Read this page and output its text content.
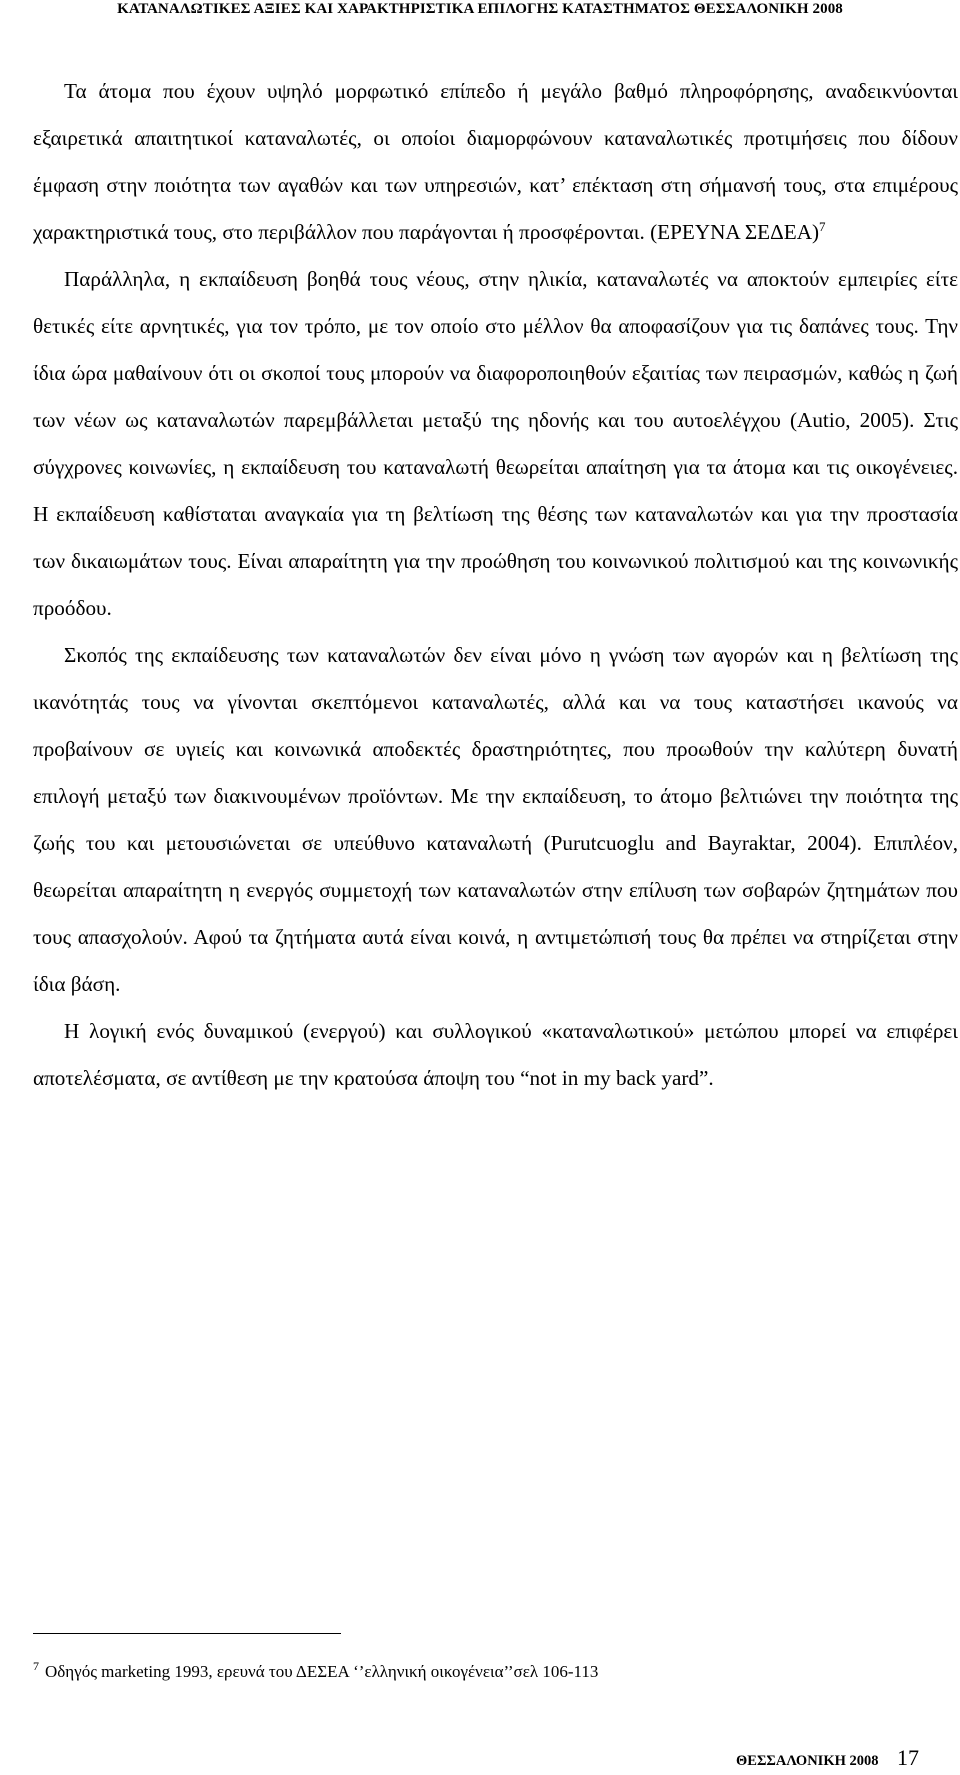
ΚΑΤΑΝΑΛΩΤΙΚΕΣ ΑΞΙΕΣ ΚΑΙ ΧΑΡΑΚΤΗΡΙΣΤΙΚΑ ΕΠΙΛΟΓΗΣ ΚΑΤΑΣΤΗΜΑΤΟΣ ΘΕΣΣΑΛΟΝΙΚΗ 2008

Τα άτομα που έχουν υψηλό μορφωτικό επίπεδο ή μεγάλο βαθμό πληροφόρησης, αναδεικνύονται εξαιρετικά απαιτητικοί καταναλωτές, οι οποίοι διαμορφώνουν καταναλωτικές προτιμήσεις που δίδουν έμφαση στην ποιότητα των αγαθών και των υπηρεσιών, κατ’ επέκταση στη σήμανσή τους, στα επιμέρους χαρακτηριστικά τους, στο περιβάλλον που παράγονται ή προσφέρονται. (ΕΡΕΥΝΑ ΣΕΔΕΑ)$^7$

Παράλληλα, η εκπαίδευση βοηθά τους νέους, στην ηλικία, καταναλωτές να αποκτούν εμπειρίες είτε θετικές είτε αρνητικές, για τον τρόπο, με τον οποίο στο μέλλον θα αποφασίζουν για τις δαπάνες τους. Την ίδια ώρα μαθαίνουν ότι οι σκοποί τους μπορούν να διαφοροποιηθούν εξαιτίας των πειρασμών, καθώς η ζωή των νέων ως καταναλωτών παρεμβάλλεται μεταξύ της ηδονής και του αυτοελέγχου (Autio, 2005). Στις σύγχρονες κοινωνίες, η εκπαίδευση του καταναλωτή θεωρείται απαίτηση για τα άτομα και τις οικογένειες. Η εκπαίδευση καθίσταται αναγκαία για τη βελτίωση της θέσης των καταναλωτών και για την προστασία των δικαιωμάτων τους. Είναι απαραίτητη για την προώθηση του κοινωνικού πολιτισμού και της κοινωνικής προόδου.

Σκοπός της εκπαίδευσης των καταναλωτών δεν είναι μόνο η γνώση των αγορών και η βελτίωση της ικανότητάς τους να γίνονται σκεπτόμενοι καταναλωτές, αλλά και να τους καταστήσει ικανούς να προβαίνουν σε υγιείς και κοινωνικά αποδεκτές δραστηριότητες, που προωθούν την καλύτερη δυνατή επιλογή μεταξύ των διακινουμένων προϊόντων. Με την εκπαίδευση, το άτομο βελτιώνει την ποιότητα της ζωής του και μετουσιώνεται σε υπεύθυνο καταναλωτή (Purutcuoglu and Bayraktar, 2004). Επιπλέον, θεωρείται απαραίτητη η ενεργός συμμετοχή των καταναλωτών στην επίλυση των σοβαρών ζητημάτων που τους απασχολούν. Αφού τα ζητήματα αυτά είναι κοινά, η αντιμετώπισή τους θα πρέπει να στηρίζεται στην ίδια βάση.

Η λογική ενός δυναμικού (ενεργού) και συλλογικού «καταναλωτικού» μετώπου μπορεί να επιφέρει αποτελέσματα, σε αντίθεση με την κρατούσα άποψη του “not in my back yard”.

$^7$ Οδηγός marketing 1993, ερευνά του ΔΕΣΕΑ ‘’ελληνική οικογένεια’’σελ 106-113
ΘΕΣΣΑΛΟΝΙΚΗ 2008 17
